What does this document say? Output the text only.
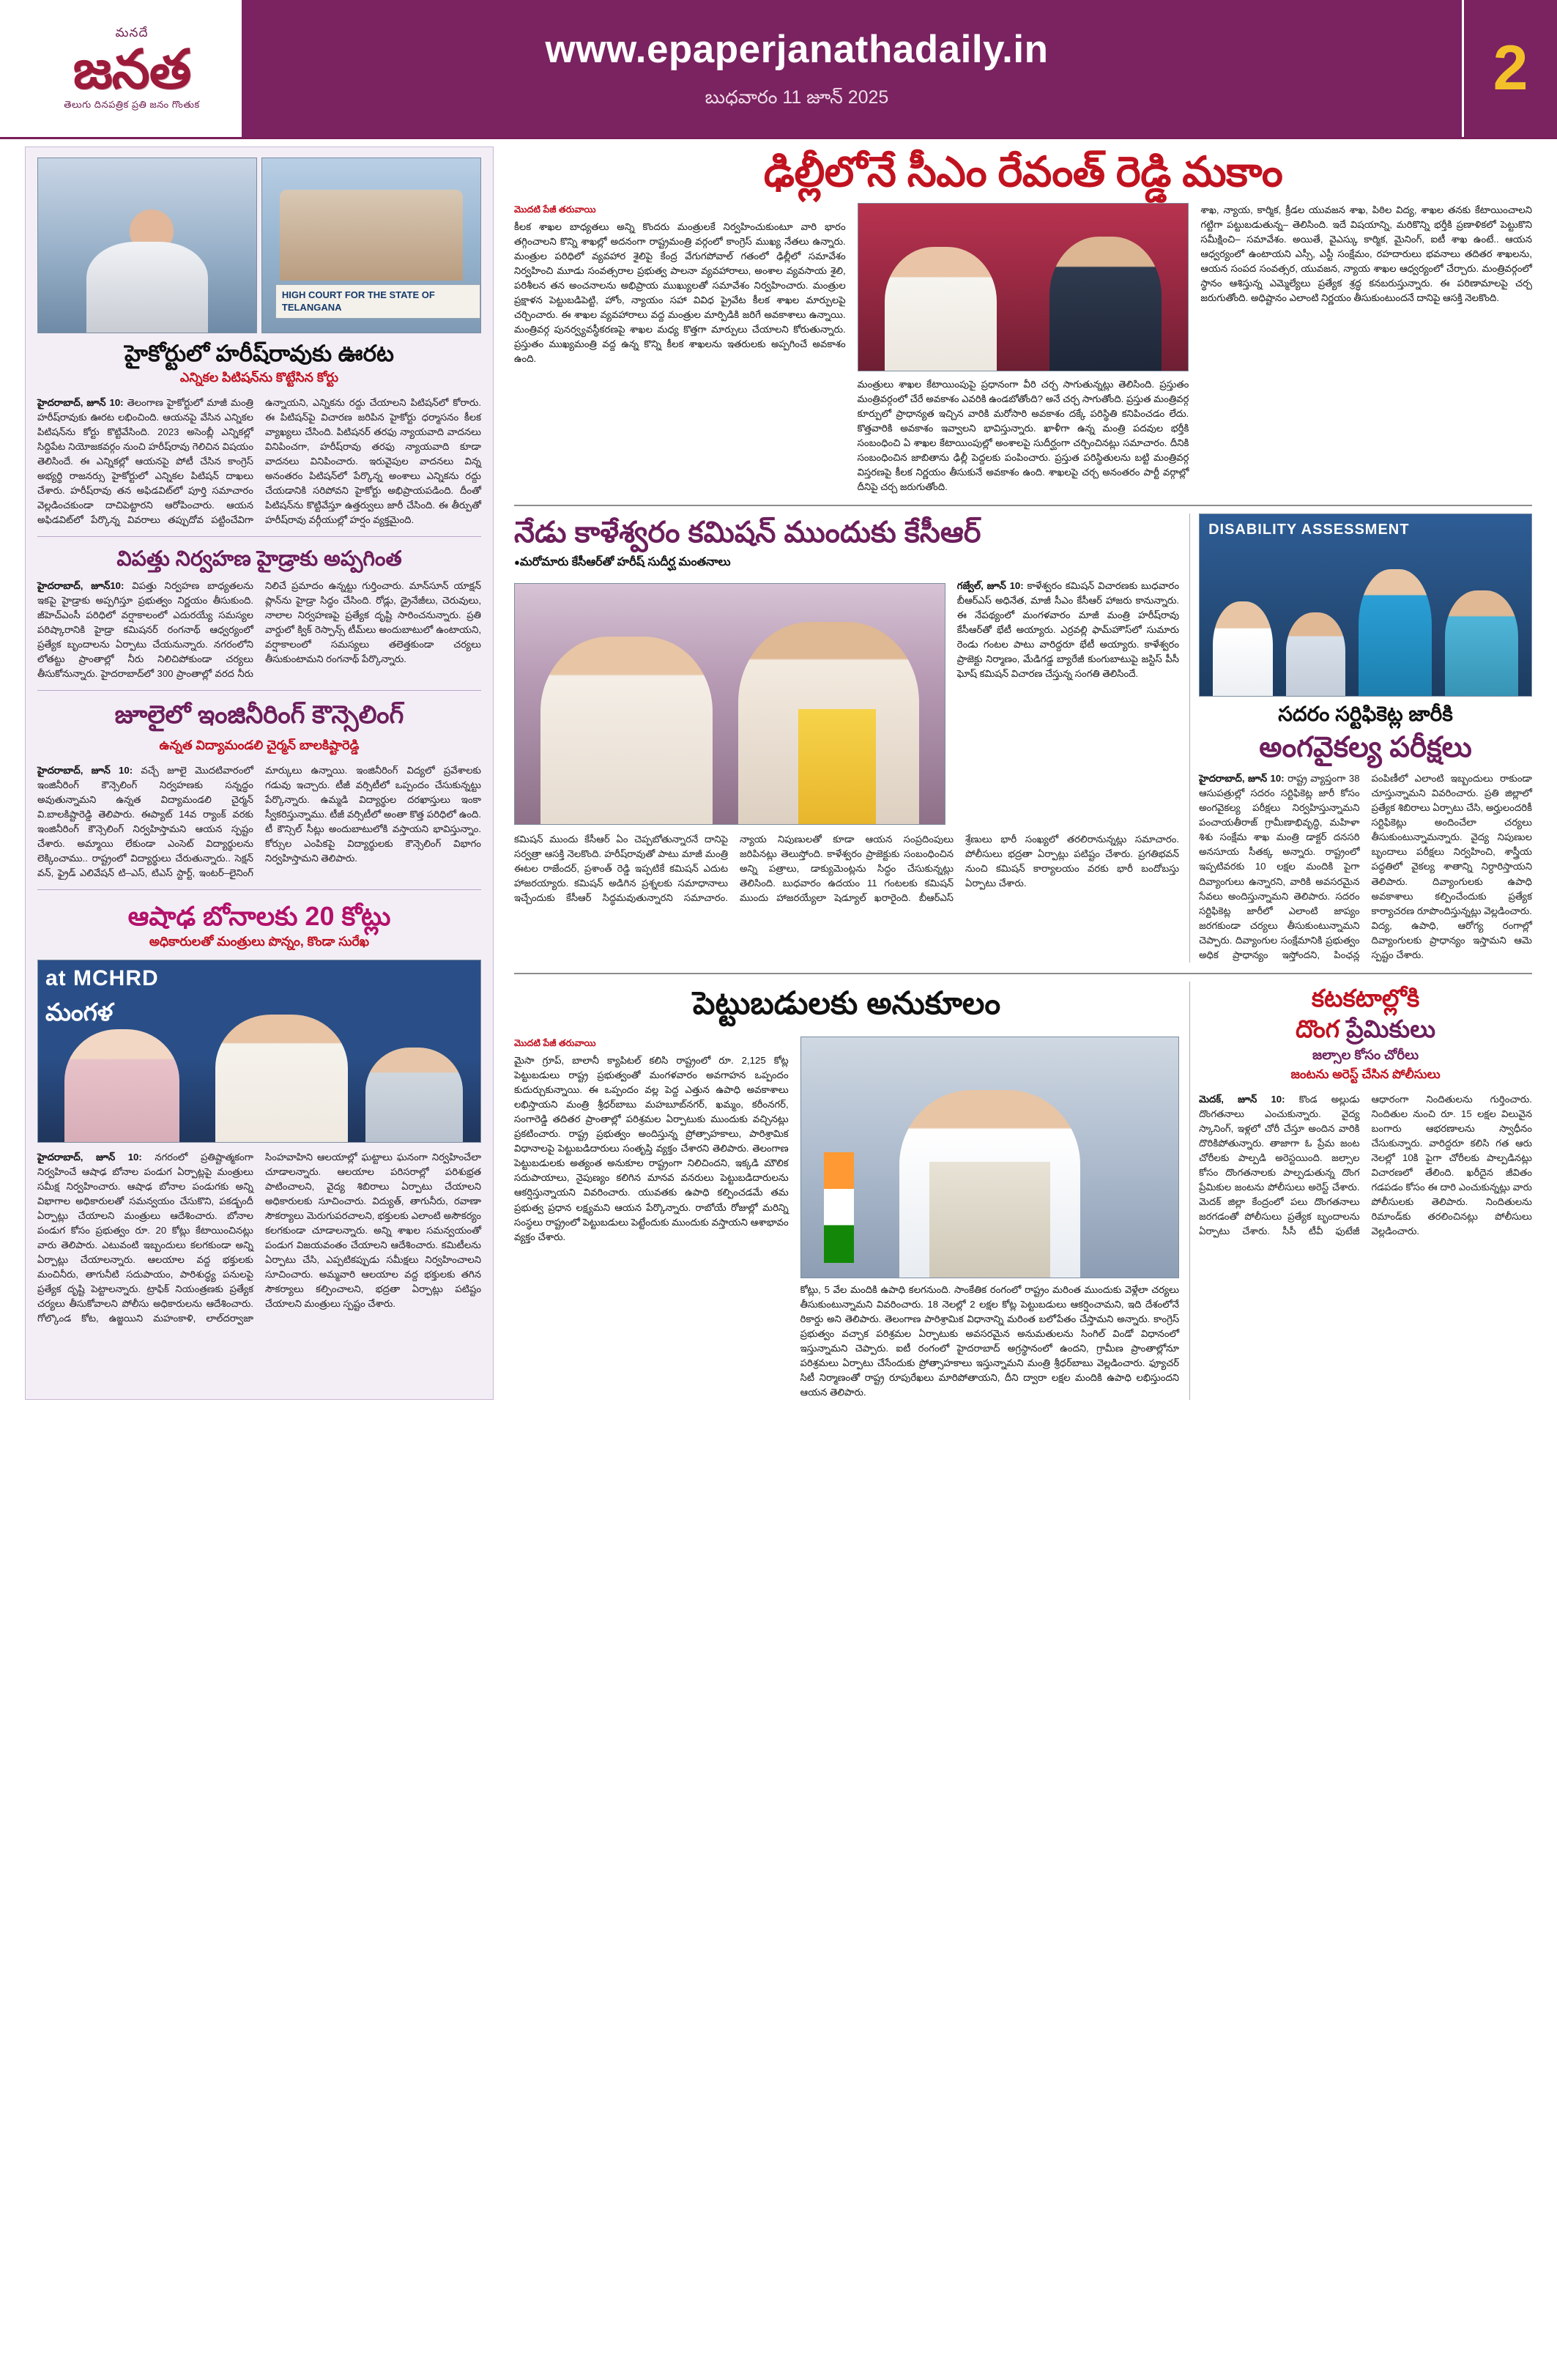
మనదే
జనత
తెలుగు దినపత్రిక ప్రతి జనం గొంతుక
www.epaperjanathadaily.in
బుధవారం 11 జూన్ 2025	2
HIGH COURT FOR THE STATE OF TELANGANA
హైకోర్టులో హరీష్‌రావుకు ఊరట
ఎన్నికల పిటిషన్‌ను కొట్టేసిన కోర్టు
హైదరాబాద్, జూన్ 10: తెలంగాణ హైకోర్టులో మాజీ మంత్రి హరీష్‌రావుకు ఊరట లభించింది. ఆయనపై వేసిన ఎన్నికల పిటిషన్‌ను కోర్టు కొట్టివేసింది. 2023 అసెంబ్లీ ఎన్నికల్లో సిద్దిపేట నియోజకవర్గం నుంచి హరీష్‌రావు గెలిచిన విషయం తెలిసిందే. ఈ ఎన్నికల్లో ఆయనపై పోటీ చేసిన కాంగ్రెస్ అభ్యర్థి రాజనర్సు హైకోర్టులో ఎన్నికల పిటిషన్ దాఖలు చేశారు. హరీష్‌రావు తన అఫిడవిట్‌లో పూర్తి సమాచారం వెల్లడించకుండా దాచిపెట్టారని ఆరోపించారు. ఆయన అఫిడవిట్‌లో పేర్కొన్న వివరాలు తప్పుదోవ పట్టించేవిగా ఉన్నాయని, ఎన్నికను రద్దు చేయాలని పిటిషన్‌లో కోరారు. ఈ పిటిషన్‌పై విచారణ జరిపిన హైకోర్టు ధర్మాసనం కీలక వ్యాఖ్యలు చేసింది. పిటిషనర్ తరఫు న్యాయవాది వాదనలు వినిపించగా, హరీష్‌రావు తరఫు న్యాయవాది కూడా వాదనలు వినిపించారు. ఇరువైపుల వాదనలు విన్న అనంతరం పిటిషన్‌లో పేర్కొన్న అంశాలు ఎన్నికను రద్దు చేయడానికి సరిపోవని హైకోర్టు అభిప్రాయపడింది. దీంతో పిటిషన్‌ను కొట్టివేస్తూ ఉత్తర్వులు జారీ చేసింది. ఈ తీర్పుతో హరీష్‌రావు వర్గీయుల్లో హర్షం వ్యక్తమైంది.
విపత్తు నిర్వహణ హైడ్రాకు అప్పగింత
హైదరాబాద్, జూన్10: విపత్తు నిర్వహణ బాధ్యతలను ఇకపై హైడ్రాకు అప్పగిస్తూ ప్రభుత్వం నిర్ణయం తీసుకుంది. జీహెచ్ఎంసీ పరిధిలో వర్షాకాలంలో ఎదురయ్యే సమస్యల పరిష్కారానికి హైడ్రా కమిషనర్ రంగనాథ్ ఆధ్వర్యంలో ప్రత్యేక బృందాలను ఏర్పాటు చేయనున్నారు. నగరంలోని లోతట్టు ప్రాంతాల్లో నీరు నిలిచిపోకుండా చర్యలు తీసుకోనున్నారు. హైదరాబాద్‌లో 300 ప్రాంతాల్లో వరద నీరు నిలిచే ప్రమాదం ఉన్నట్టు గుర్తించారు. మాన్‌సూన్ యాక్షన్ ప్లాన్‌ను హైడ్రా సిద్ధం చేసింది. రోడ్లు, డ్రైనేజీలు, చెరువులు, నాలాల నిర్వహణపై ప్రత్యేక దృష్టి సారించనున్నారు. ప్రతి వార్డులో క్విక్ రెస్పాన్స్ టీమ్‌లు అందుబాటులో ఉంటాయని, వర్షాకాలంలో సమస్యలు తలెత్తకుండా చర్యలు తీసుకుంటామని రంగనాథ్ పేర్కొన్నారు.
జూలైలో ఇంజినీరింగ్ కౌన్సెలింగ్
ఉన్నత విద్యామండలి చైర్మన్ బాలకిష్టారెడ్డి
హైదరాబాద్, జూన్ 10: వచ్చే జూలై మొదటివారంలో ఇంజినీరింగ్ కౌన్సెలింగ్ నిర్వహణకు సన్నద్ధం అవుతున్నామని ఉన్నత విద్యామండలి చైర్మన్ వి.బాలకిష్టారెడ్డి తెలిపారు. ఈప్యాట్ 14వ ర్యాంక్ వరకు ఇంజినీరింగ్ కౌన్సెలింగ్ నిర్వహిస్తామని ఆయన స్పష్టం చేశారు. అమ్మాయి లేకుండా ఎంసెట్ విద్యార్థులను లెక్కించాము.. రాష్ట్రంలో విద్యార్థులు చేరుతున్నారు.. సెక్షన్ వన్, ఫ్రైడ్ ఎలివేషన్ టి–ఎస్, టిఎస్ స్టార్ట్, ఇంటర్–లైనింగ్ మార్కులు ఉన్నాయి. ఇంజినీరింగ్ విద్యలో ప్రవేశాలకు గడువు ఇచ్చారు. టీజీ వర్సిటీలో ఒప్పందం చేసుకున్నట్టు పేర్కొన్నారు. ఉమ్మడి విద్యార్థుల దరఖాస్తులు ఇంకా స్వీకరిస్తున్నాము. టీజీ వర్సిటీలో అంతా కొత్త పరిధిలో ఉంది. టీ కౌన్సిల్ సీట్లు అందుబాటులోకి వస్తాయని భావిస్తున్నాం. కోర్సుల ఎంపికపై విద్యార్థులకు కౌన్సెలింగ్ విభాగం నిర్వహిస్తామని తెలిపారు.
ఆషాఢ బోనాలకు 20 కోట్లు
అధికారులతో మంత్రులు పొన్నం, కొండా సురేఖ
at MCHRD
మంగళ
హైదరాబాద్, జూన్ 10: నగరంలో ప్రతిష్టాత్మకంగా నిర్వహించే ఆషాఢ బోనాల పండుగ ఏర్పాట్లపై మంత్రులు సమీక్ష నిర్వహించారు. ఆషాఢ బోనాల పండుగకు అన్ని విభాగాల అధికారులతో సమన్వయం చేసుకొని, పకడ్బందీ ఏర్పాట్లు చేయాలని మంత్రులు ఆదేశించారు. బోనాల పండుగ కోసం ప్రభుత్వం రూ. 20 కోట్లు కేటాయించినట్లు వారు తెలిపారు. ఎటువంటి ఇబ్బందులు కలగకుండా అన్ని ఏర్పాట్లు చేయాలన్నారు. ఆలయాల వద్ద భక్తులకు మంచినీరు, తాగునీటి సదుపాయం, పారిశుద్ధ్య పనులపై ప్రత్యేక దృష్టి పెట్టాలన్నారు. ట్రాఫిక్ నియంత్రణకు ప్రత్యేక చర్యలు తీసుకోవాలని పోలీసు అధికారులను ఆదేశించారు. గోల్కొండ కోట, ఉజ్జయిని మహంకాళి, లాల్‌దర్వాజా సింహవాహిని ఆలయాల్లో ఘట్టాలు ఘనంగా నిర్వహించేలా చూడాలన్నారు. ఆలయాల పరిసరాల్లో పరిశుభ్రత పాటించాలని, వైద్య శిబిరాలు ఏర్పాటు చేయాలని అధికారులకు సూచించారు. విద్యుత్, తాగునీరు, రవాణా సౌకర్యాలు మెరుగుపరచాలని, భక్తులకు ఎలాంటి అసౌకర్యం కలగకుండా చూడాలన్నారు. అన్ని శాఖల సమన్వయంతో పండుగ విజయవంతం చేయాలని ఆదేశించారు. కమిటీలను ఏర్పాటు చేసి, ఎప్పటికప్పుడు సమీక్షలు నిర్వహించాలని సూచించారు. అమ్మవారి ఆలయాల వద్ద భక్తులకు తగిన సౌకర్యాలు కల్పించాలని, భద్రతా ఏర్పాట్లు పటిష్టం చేయాలని మంత్రులు స్పష్టం చేశారు.
ఢిల్లీలోనే సీఎం రేవంత్ రెడ్డి మకాం
మొదటి పేజీ తరువాయి
కీలక శాఖల బాధ్యతలు అన్ని కొందరు మంత్రులకే నిర్వహించుకుంటూ వారి భారం తగ్గించాలని కొన్ని శాఖల్లో అదనంగా రాష్ట్రమంత్రి వర్గంలో కాంగ్రెస్ ముఖ్య నేతలు ఉన్నారు. మంత్రుల పరిధిలో వ్యవహార శైలిపై కేంద్ర వేగుగపోవాల్ గతంలో ఢిల్లీలో సమావేశం నిర్వహించి మూడు సంవత్సరాల ప్రభుత్వ పాలనా వ్యవహారాలు, అంశాల వ్యవసాయ శైలి, పరిశీలన తన అంచనాలను అభిప్రాయ ముఖ్యులతో సమావేశం నిర్వహించారు. మంత్రుల ప్రక్షాళన పెట్టుబడిపెట్టి, హోం, న్యాయం సహా వివిధ ప్రైవేట కీలక శాఖల మార్పులపై చర్చించారు. ఈ శాఖల వ్యవహారాలు వద్ద మంత్రుల మార్పిడికి జరిగే అవకాశాలు ఉన్నాయి. మంత్రివర్గ పునర్వ్యవస్థీకరణపై శాఖల మధ్య కొత్తగా మార్పులు చేయాలని కోరుతున్నారు. ప్రస్తుతం ముఖ్యమంత్రి వద్ద ఉన్న కొన్ని కీలక శాఖలను ఇతరులకు అప్పగించే అవకాశం ఉంది.
మంత్రులు శాఖల కేటాయింపుపై ప్రధానంగా వీరి చర్చ సాగుతున్నట్లు తెలిసింది. ప్రస్తుతం మంత్రివర్గంలో చేరే అవకాశం ఎవరికి ఉండబోతోంది? అనే చర్చ సాగుతోంది. ప్రస్తుత మంత్రివర్గ కూర్పులో ప్రాధాన్యత ఇచ్చిన వారికి మరోసారి అవకాశం దక్కే పరిస్థితి కనిపించడం లేదు. కొత్తవారికి అవకాశం ఇవ్వాలని భావిస్తున్నారు. ఖాళీగా ఉన్న మంత్రి పదవుల భర్తీకి సంబంధించి ఏ శాఖల కేటాయింపుల్లో అంశాలపై సుదీర్ఘంగా చర్చించినట్లు సమాచారం. దీనికి సంబంధించిన జాబితాను ఢిల్లీ పెద్దలకు పంపించారు. ప్రస్తుత పరిస్థితులను బట్టి మంత్రివర్గ విస్తరణపై కీలక నిర్ణయం తీసుకునే అవకాశం ఉంది. శాఖలపై చర్చ అనంతరం పార్టీ వర్గాల్లో దీనిపై చర్చ జరుగుతోంది.
శాఖ, న్యాయ, కార్మిక, క్రీడల యువజన శాఖ, పిఠిల విద్య, శాఖల తనకు కేటాయించాలని గట్టిగా పట్టుబడుతున్న– తెలిసింది. ఇదే విషయాన్ని, మరికొన్ని భర్తీకి ప్రణాళికలో పెట్టుకొని సమీక్షించి– సమావేశం. అయితే, వైఎస్కు కార్మిక, మైనింగ్, ఐటీ శాఖ ఉంటే.. ఆయన ఆధ్వర్యంలో ఉంటాయని ఎస్సీ, ఎస్టీ సంక్షేమం, రహదారులు భవనాలు తదితర శాఖలను, ఆయన సంపద సంవత్సర, యువజన, న్యాయ శాఖల ఆధ్వర్యంలో చేర్చారు. మంత్రివర్గంలో స్థానం ఆశిస్తున్న ఎమ్మెల్యేలు ప్రత్యేక శ్రద్ధ కనబరుస్తున్నారు. ఈ పరిణామాలపై చర్చ జరుగుతోంది. అధిష్టానం ఎలాంటి నిర్ణయం తీసుకుంటుందనే దానిపై ఆసక్తి నెలకొంది.
నేడు కాళేశ్వరం కమిషన్ ముందుకు కేసీఆర్
● మరోమారు కేసీఆర్‌తో హరీష్ సుదీర్ఘ మంతనాలు
గజ్వేల్, జూన్ 10: కాళేశ్వరం కమిషన్ విచారణకు బుధవారం బీఆర్ఎస్ అధినేత, మాజీ సీఎం కేసీఆర్ హాజరు కానున్నారు. ఈ నేపథ్యంలో మంగళవారం మాజీ మంత్రి హరీష్‌రావు కేసీఆర్‌తో భేటీ అయ్యారు. ఎర్రవల్లి ఫామ్‌హౌస్‌లో సుమారు రెండు గంటల పాటు వారిద్దరూ భేటీ అయ్యారు. కాళేశ్వరం ప్రాజెక్టు నిర్మాణం, మేడిగడ్డ బ్యారేజీ కుంగుబాటుపై జస్టిస్ పీసీ ఘోష్ కమిషన్ విచారణ చేస్తున్న సంగతి తెలిసిందే.
కమిషన్ ముందు కేసీఆర్ ఏం చెప్పబోతున్నారనే దానిపై సర్వత్రా ఆసక్తి నెలకొంది. హరీష్‌రావుతో పాటు మాజీ మంత్రి ఈటల రాజేందర్, ప్రశాంత్ రెడ్డి ఇప్పటికే కమిషన్ ఎదుట హాజరయ్యారు. కమిషన్ అడిగిన ప్రశ్నలకు సమాధానాలు ఇచ్చేందుకు కేసీఆర్ సిద్ధమవుతున్నారని సమాచారం. న్యాయ నిపుణులతో కూడా ఆయన సంప్రదింపులు జరిపినట్లు తెలుస్తోంది. కాళేశ్వరం ప్రాజెక్టుకు సంబంధించిన అన్ని పత్రాలు, డాక్యుమెంట్లను సిద్ధం చేసుకున్నట్లు తెలిసింది. బుధవారం ఉదయం 11 గంటలకు కమిషన్ ముందు హాజరయ్యేలా షెడ్యూల్ ఖరారైంది. బీఆర్ఎస్ శ్రేణులు భారీ సంఖ్యలో తరలిరానున్నట్లు సమాచారం. పోలీసులు భద్రతా ఏర్పాట్లు పటిష్టం చేశారు. ప్రగతిభవన్ నుంచి కమిషన్ కార్యాలయం వరకు భారీ బందోబస్తు ఏర్పాటు చేశారు.
DISABILITY ASSESSMENT
సదరం సర్టిఫికెట్ల జారీకి
అంగవైకల్య పరీక్షలు
హైదరాబాద్, జూన్ 10: రాష్ట్ర వ్యాప్తంగా 38 ఆసుపత్రుల్లో సదరం సర్టిఫికెట్ల జారీ కోసం అంగవైకల్య పరీక్షలు నిర్వహిస్తున్నామని పంచాయతీరాజ్ గ్రామీణాభివృద్ధి, మహిళా శిశు సంక్షేమ శాఖ మంత్రి డాక్టర్ దనసరి అనసూయ సీతక్క అన్నారు. రాష్ట్రంలో ఇప్పటివరకు 10 లక్షల మందికి పైగా దివ్యాంగులు ఉన్నారని, వారికి అవసరమైన సేవలు అందిస్తున్నామని తెలిపారు. సదరం సర్టిఫికెట్ల జారీలో ఎలాంటి జాప్యం జరగకుండా చర్యలు తీసుకుంటున్నామని చెప్పారు. దివ్యాంగుల సంక్షేమానికి ప్రభుత్వం అధిక ప్రాధాన్యం ఇస్తోందని, పింఛన్ల పంపిణీలో ఎలాంటి ఇబ్బందులు రాకుండా చూస్తున్నామని వివరించారు. ప్రతి జిల్లాలో ప్రత్యేక శిబిరాలు ఏర్పాటు చేసి, అర్హులందరికీ సర్టిఫికెట్లు అందించేలా చర్యలు తీసుకుంటున్నామన్నారు. వైద్య నిపుణుల బృందాలు పరీక్షలు నిర్వహించి, శాస్త్రీయ పద్ధతిలో వైకల్య శాతాన్ని నిర్ధారిస్తాయని తెలిపారు. దివ్యాంగులకు ఉపాధి అవకాశాలు కల్పించేందుకు ప్రత్యేక కార్యాచరణ రూపొందిస్తున్నట్లు వెల్లడించారు. విద్య, ఉపాధి, ఆరోగ్య రంగాల్లో దివ్యాంగులకు ప్రాధాన్యం ఇస్తామని ఆమె స్పష్టం చేశారు.
పెట్టుబడులకు అనుకూలం
మొదటి పేజీ తరువాయి
మైసా గ్రూప్, బాలానీ క్యాపిటల్ కలిసి రాష్ట్రంలో రూ. 2,125 కోట్ల పెట్టుబడులు రాష్ట్ర ప్రభుత్వంతో మంగళవారం అవగాహన ఒప్పందం కుదుర్చుకున్నాయి. ఈ ఒప్పందం వల్ల పెద్ద ఎత్తున ఉపాధి అవకాశాలు లభిస్తాయని మంత్రి శ్రీధర్‌బాబు మహబూబ్‌నగర్, ఖమ్మం, కరీంనగర్, సంగారెడ్డి తదితర ప్రాంతాల్లో పరిశ్రమల ఏర్పాటుకు ముందుకు వచ్చినట్లు ప్రకటించారు. రాష్ట్ర ప్రభుత్వం అందిస్తున్న ప్రోత్సాహకాలు, పారిశ్రామిక విధానాలపై పెట్టుబడిదారులు సంతృప్తి వ్యక్తం చేశారని తెలిపారు. తెలంగాణ పెట్టుబడులకు అత్యంత అనుకూల రాష్ట్రంగా నిలిచిందని, ఇక్కడి మౌలిక సదుపాయాలు, నైపుణ్యం కలిగిన మానవ వనరులు పెట్టుబడిదారులను ఆకర్షిస్తున్నాయని వివరించారు. యువతకు ఉపాధి కల్పించడమే తమ ప్రభుత్వ ప్రధాన లక్ష్యమని ఆయన పేర్కొన్నారు. రాబోయే రోజుల్లో మరిన్ని సంస్థలు రాష్ట్రంలో పెట్టుబడులు పెట్టేందుకు ముందుకు వస్తాయని ఆశాభావం వ్యక్తం చేశారు.
కోట్లు, 5 వేల మందికి ఉపాధి కలగనుంది. సాంకేతిక రంగంలో రాష్ట్రం మరింత ముందుకు వెళ్లేలా చర్యలు తీసుకుంటున్నామని వివరించారు. 18 నెలల్లో 2 లక్షల కోట్ల పెట్టుబడులు ఆకర్షించామని, ఇది దేశంలోనే రికార్డు అని తెలిపారు. తెలంగాణ పారిశ్రామిక విధానాన్ని మరింత బలోపేతం చేస్తామని అన్నారు. కాంగ్రెస్ ప్రభుత్వం వచ్చాక పరిశ్రమల ఏర్పాటుకు అవసరమైన అనుమతులను సింగిల్ విండో విధానంలో ఇస్తున్నామని చెప్పారు. ఐటీ రంగంలో హైదరాబాద్ అగ్రస్థానంలో ఉందని, గ్రామీణ ప్రాంతాల్లోనూ పరిశ్రమలు ఏర్పాటు చేసేందుకు ప్రోత్సాహకాలు ఇస్తున్నామని మంత్రి శ్రీధర్‌బాబు వెల్లడించారు. ఫ్యూచర్ సిటీ నిర్మాణంతో రాష్ట్ర రూపురేఖలు మారిపోతాయని, దీని ద్వారా లక్షల మందికి ఉపాధి లభిస్తుందని ఆయన తెలిపారు.
కటకటాల్లోకి
దొంగ ప్రేమికులు
జల్సాల కోసం చోరీలు
జంటను అరెస్ట్ చేసిన పోలీసులు
మెదక్, జూన్ 10: కొండ అల్లుడు దొంగతనాలు ఎంచుకున్నారు. వైద్య స్కానింగ్, ఇళ్లలో చోరీ చేస్తూ అందిన వారికి దొరికిపోతున్నారు. తాజాగా ఓ ప్రేమ జంట చోరీలకు పాల్పడి అరెస్టయింది. జల్సాల కోసం దొంగతనాలకు పాల్పడుతున్న దొంగ ప్రేమికుల జంటను పోలీసులు అరెస్ట్ చేశారు. మెదక్ జిల్లా కేంద్రంలో పలు దొంగతనాలు జరగడంతో పోలీసులు ప్రత్యేక బృందాలను ఏర్పాటు చేశారు. సీసీ టీవీ ఫుటేజీ ఆధారంగా నిందితులను గుర్తించారు. నిందితుల నుంచి రూ. 15 లక్షల విలువైన బంగారు ఆభరణాలను స్వాధీనం చేసుకున్నారు. వారిద్దరూ కలిసి గత ఆరు నెలల్లో 10కి పైగా చోరీలకు పాల్పడినట్లు విచారణలో తేలింది. ఖరీదైన జీవితం గడపడం కోసం ఈ దారి ఎంచుకున్నట్లు వారు పోలీసులకు తెలిపారు. నిందితులను రిమాండ్‌కు తరలించినట్లు పోలీసులు వెల్లడించారు.
